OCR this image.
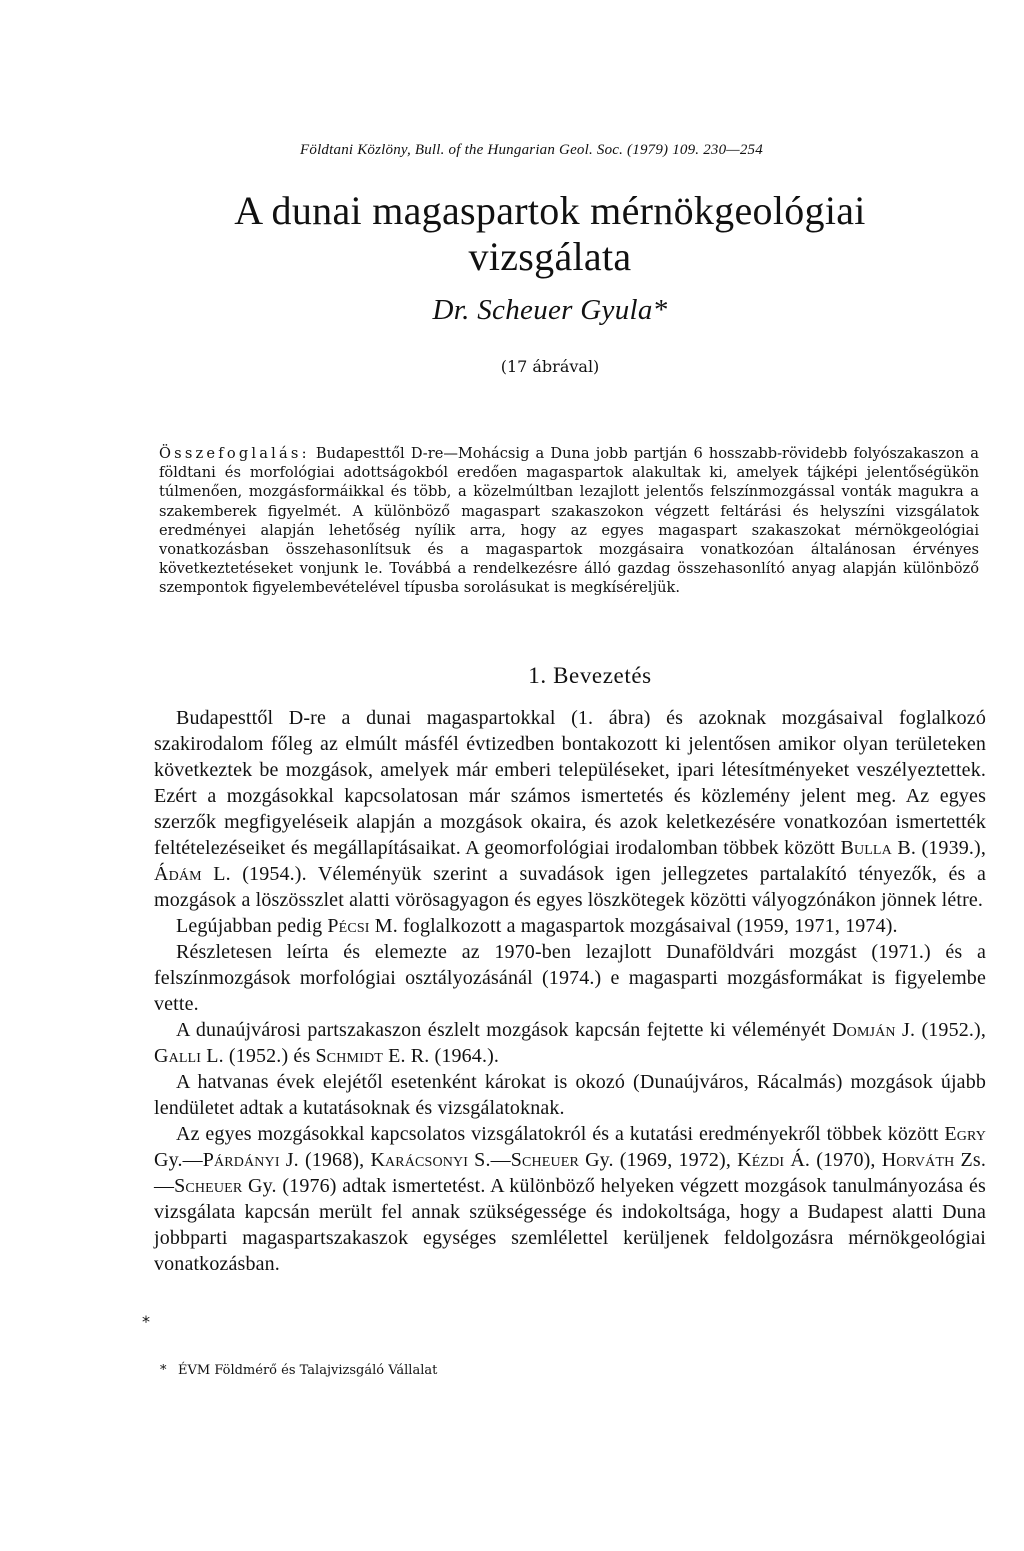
Földtani Közlöny, Bull. of the Hungarian Geol. Soc. (1979) 109. 230—254
A dunai magaspartok mérnökgeológiai
vizsgálata
Dr. Scheuer Gyula*
(17 ábrával)
Összefoglalás: Budapesttől D-re—Mohácsig a Duna jobb partján 6 hosszabb-rövidebb folyószakaszon a földtani és morfológiai adottságokból eredően magaspartok alakultak ki, amelyek tájképi jelentőségükön túlmenően, mozgásformáikkal és több, a közelmúltban lezajlott jelentős felszínmozgással vonták magukra a szakemberek figyelmét. A különböző magaspart szakaszokon végzett feltárási és helyszíni vizsgálatok eredményei alapján lehetőség nyílik arra, hogy az egyes magaspart szakaszokat mérnökgeológiai vonatkozásban összehasonlítsuk és a magaspartok mozgásaira vonatkozóan általánosan érvényes következtetéseket vonjunk le. Továbbá a rendelkezésre álló gazdag összehasonlító anyag alapján különböző szempontok figyelembevételével típusba sorolásukat is megkíséreljük.
1. Bevezetés

Budapesttől D-re a dunai magaspartokkal (1. ábra) és azoknak mozgásaival foglalkozó szakirodalom főleg az elmúlt másfél évtizedben bontakozott ki jelentősen amikor olyan területeken következtek be mozgások, amelyek már emberi településeket, ipari létesítményeket veszélyeztettek. Ezért a mozgásokkal kapcsolatosan már számos ismertetés és közlemény jelent meg. Az egyes szerzők megfigyeléseik alapján a mozgások okaira, és azok keletkezésére vonatkozóan ismertették feltételezéseiket és megállapításaikat. A geomorfológiai irodalomban többek között Bulla B. (1939.), Ádám L. (1954.). Véleményük szerint a suvadások igen jellegzetes partalakító tényezők, és a mozgások a löszösszlet alatti vörösagyagon és egyes löszkötegek közötti vályogzónákon jönnek létre.

Legújabban pedig Pécsi M. foglalkozott a magaspartok mozgásaival (1959, 1971, 1974).

Részletesen leírta és elemezte az 1970-ben lezajlott Dunaföldvári mozgást (1971.) és a felszínmozgások morfológiai osztályozásánál (1974.) e magasparti mozgásformákat is figyelembe vette.

A dunaújvárosi partszakaszon észlelt mozgások kapcsán fejtette ki véleményét Domján J. (1952.), Galli L. (1952.) és Schmidt E. R. (1964.).

A hatvanas évek elejétől esetenként károkat is okozó (Dunaújváros, Rácalmás) mozgások újabb lendületet adtak a kutatásoknak és vizsgálatoknak.

Az egyes mozgásokkal kapcsolatos vizsgálatokról és a kutatási eredményekről többek között Egry Gy.—Párdányi J. (1968), Karácsonyi S.—Scheuer Gy. (1969, 1972), Kézdi Á. (1970), Horváth Zs.—Scheuer Gy. (1976) adtak ismertetést. A különböző helyeken végzett mozgások tanulmányozása és vizsgálata kapcsán merült fel annak szükségessége és indokoltsága, hogy a Budapest alatti Duna jobbparti magaspartszakaszok egységes szemlélettel kerüljenek feldolgozásra mérnökgeológiai vonatkozásban.

*
* ÉVM Földmérő és Talajvizsgáló Vállalat
